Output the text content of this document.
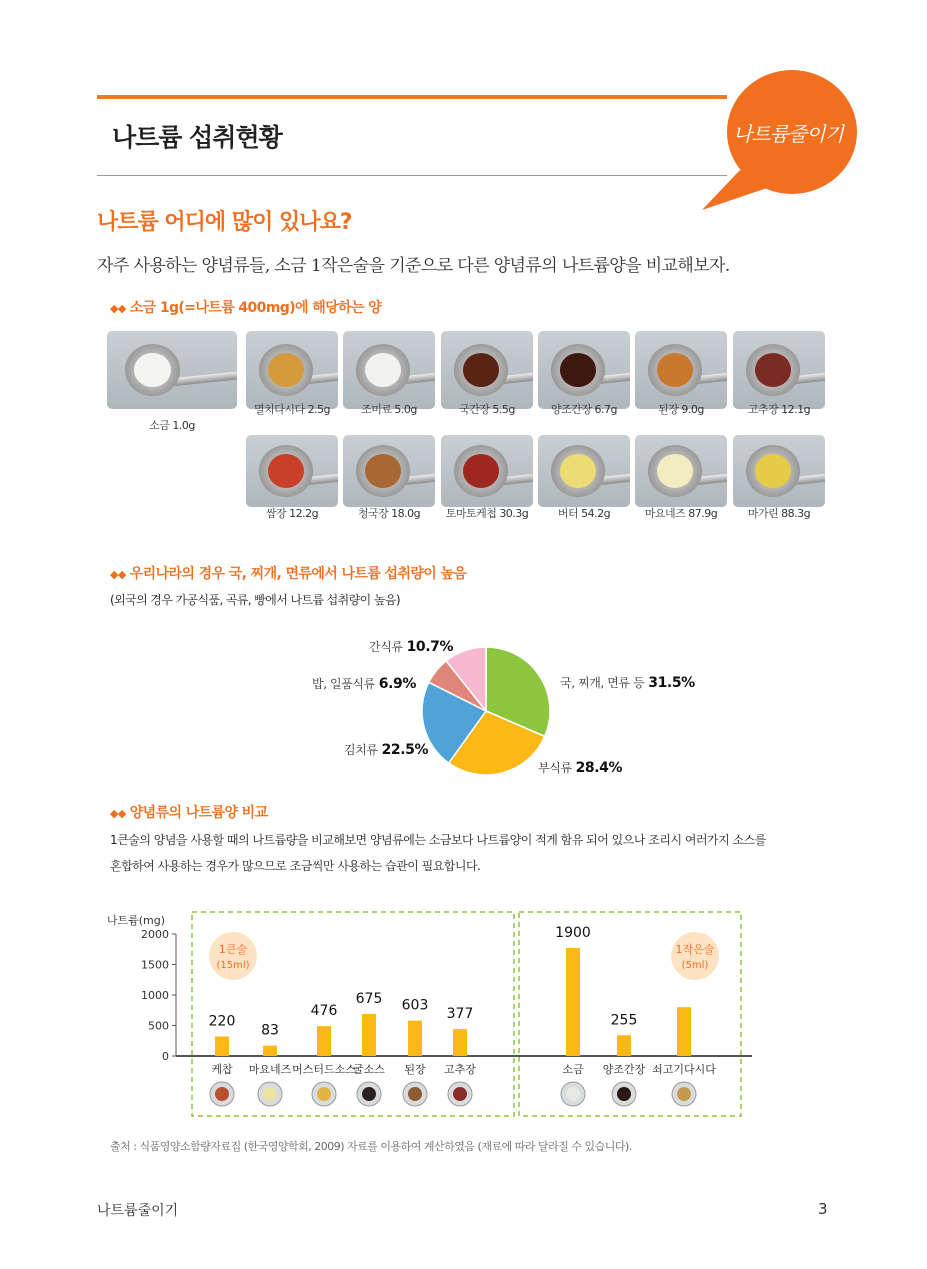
나트륨 섭취현황	나트륨줄이기
나트륨 어디에 많이 있나요?
자주 사용하는 양념류들, 소금 1작은술을 기준으로 다른 양념류의 나트륨양을 비교해보자.
◆◆ 소금 1g(=나트륨 400mg)에 해당하는 양
소금 1.0g
멸치다시다 2.5g	조미료 5.0g	국간장 5.5g	양조간장 6.7g	된장 9.0g	고추장 12.1g
쌈장 12.2g	청국장 18.0g	토마토케첩 30.3g	버터 54.2g	마요네즈 87.9g	마가린 88.3g
◆◆ 우리나라의 경우 국, 찌개, 면류에서 나트륨 섭취량이 높음
(외국의 경우 가공식품, 곡류, 빵에서 나트륨 섭취량이 높음)
간식류 10.7%
밥, 일품식류 6.9%
김치류 22.5%
국, 찌개, 면류 등 31.5%
부식류 28.4%
◆◆ 양념류의 나트륨양 비교
1큰술의 양념을 사용할 때의 나트륨량을 비교해보면 양념류에는 소금보다 나트륨양이 적게 함유 되어 있으나 조리시 여러가지 소스를
혼합하여 사용하는 경우가 많으므로 조금씩만 사용하는 습관이 필요합니다.
나트륨(mg)
0
500
1000
1500
2000
1큰술
(15ml)
1작은술
(5ml)
220
케찹
83
마요네즈
476
머스터드소스
675
굴소스
603
된장
377
고추장
1900
소금
255
양조간장 쇠고기다시다
출처 : 식품영양소함량자료집 (한국영양학회, 2009) 자료를 이용하여 계산하였음 (재료에 따라 달라질 수 있습니다).
나트륨줄이기	3
